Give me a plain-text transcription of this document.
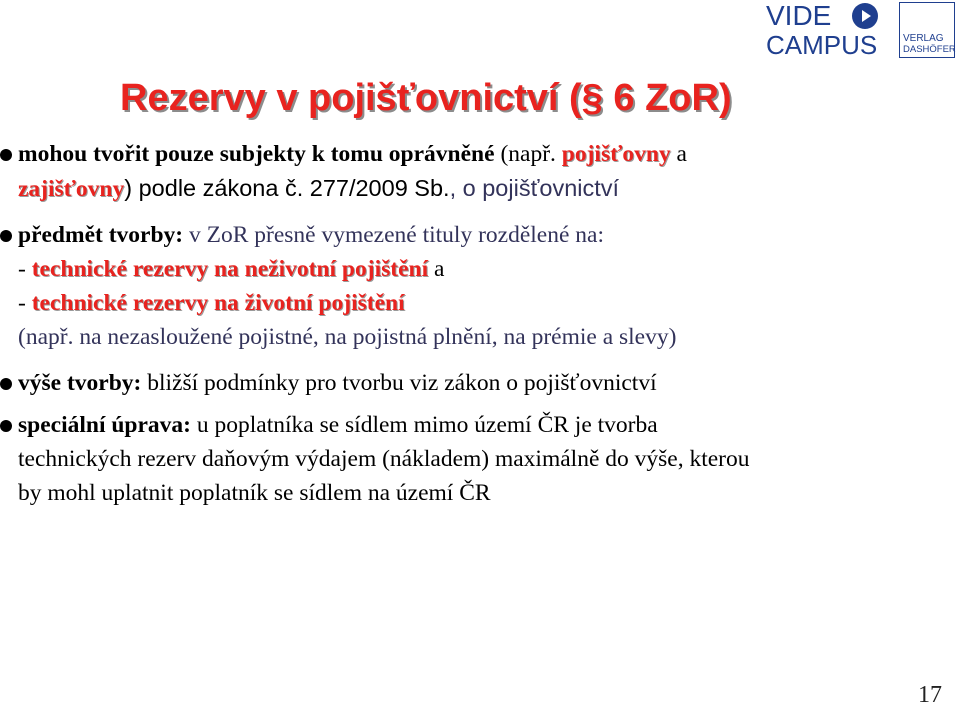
VIDE
CAMPUS	VERLAG
DASHÖFER
Rezervy v pojišťovnictví (§ 6 ZoR)
mohou tvořit pouze subjekty k tomu oprávněné (např. pojišťovny a
zajišťovny) podle zákona č. 277/2009 Sb., o pojišťovnictví
předmět tvorby: v ZoR přesně vymezené tituly rozdělené na:
- technické rezervy na neživotní pojištění a
- technické rezervy na životní pojištění
(např. na nezasloužené pojistné, na pojistná plnění, na prémie a slevy)
výše tvorby: bližší podmínky pro tvorbu viz zákon o pojišťovnictví
speciální úprava: u poplatníka se sídlem mimo území ČR je tvorba
technických rezerv daňovým výdajem (nákladem) maximálně do výše, kterou
by mohl uplatnit poplatník se sídlem na území ČR
17
